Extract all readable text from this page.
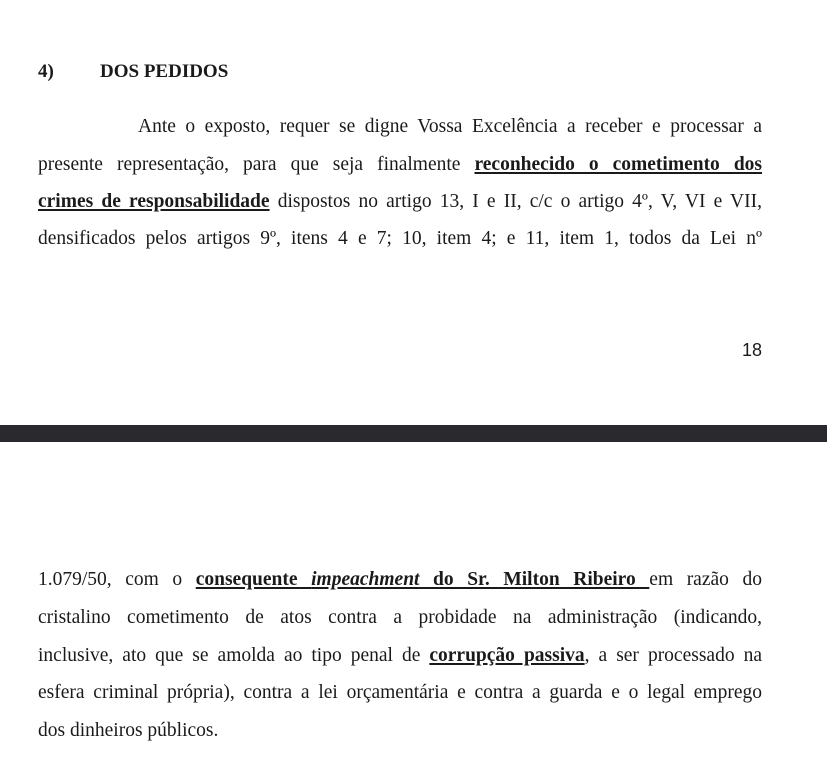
4) DOS PEDIDOS
Ante o exposto, requer se digne Vossa Excelência a receber e processar a
presente representação, para que seja finalmente reconhecido o cometimento dos
crimes de responsabilidade dispostos no artigo 13, I e II, c/c o artigo 4º, V, VI e VII,
densificados pelos artigos 9º, itens 4 e 7; 10, item 4; e 11, item 1, todos da Lei nº
18
1.079/50, com o consequente impeachment do Sr. Milton Ribeiro em razão do
cristalino cometimento de atos contra a probidade na administração (indicando,
inclusive, ato que se amolda ao tipo penal de corrupção passiva, a ser processado na
esfera criminal própria), contra a lei orçamentária e contra a guarda e o legal emprego
dos dinheiros públicos.
